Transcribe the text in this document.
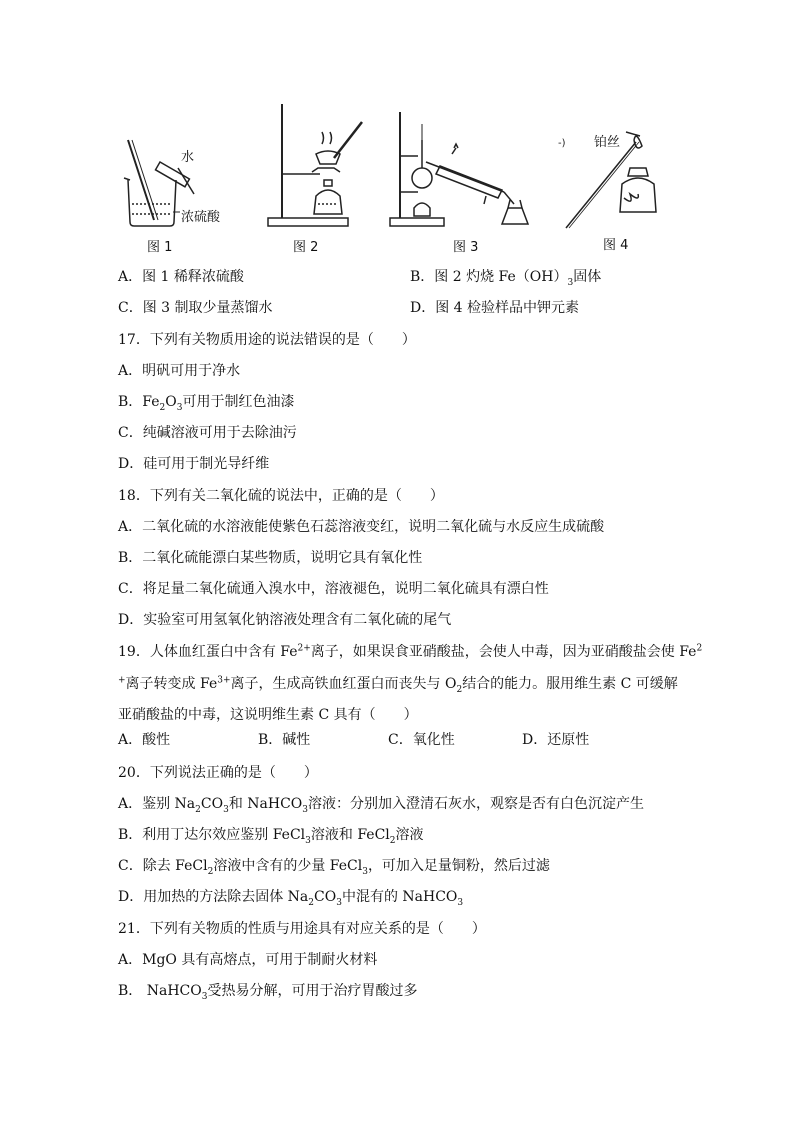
水
浓硫酸
图 1	图 2	图 3
-) 铂丝
图 4
A．图 1 稀释浓硫酸	B．图 2 灼烧 $Fe(OH)_3$固体
C．图 3 制取少量蒸馏水	D．图 4 检验样品中钾元素
17．下列有关物质用途的说法错误的是（　　）
A．明矾可用于净水
B．$Fe_2O_3$可用于制红色油漆
C．纯碱溶液可用于去除油污
D．硅可用于制光导纤维
18．下列有关二氧化硫的说法中，正确的是（　　）
A．二氧化硫的水溶液能使紫色石蕊溶液变红，说明二氧化硫与水反应生成硫酸
B．二氧化硫能漂白某些物质，说明它具有氧化性
C．将足量二氧化硫通入溴水中，溶液褪色，说明二氧化硫具有漂白性
D．实验室可用氢氧化钠溶液处理含有二氧化硫的尾气
19．人体血红蛋白中含有 $Fe^{2+}$离子，如果误食亚硝酸盐，会使人中毒，因为亚硝酸盐会使 Fe$^2$
+离子转变成 $Fe^{3+}$离子，生成高铁血红蛋白而丧失与 $O_2$结合的能力。服用维生素 C 可缓解
亚硝酸盐的中毒，这说明维生素 C 具有（　　）
A．酸性	B．碱性	C．氧化性	D．还原性
20．下列说法正确的是（　　）
A．鉴别 $Na_2CO_3$和 NaHCO$_3$溶液：分别加入澄清石灰水，观察是否有白色沉淀产生
B．利用丁达尔效应鉴别 FeCl$_3$溶液和 FeCl$_2$溶液
C．除去 FeCl$_2$溶液中含有的少量 FeCl$_3$，可加入足量铜粉，然后过滤
D．用加热的方法除去固体 $Na_2CO_3$中混有的 NaHCO$_3$
21．下列有关物质的性质与用途具有对应关系的是（　　）
A．MgO 具有高熔点，可用于制耐火材料
B． NaHCO$_3$受热易分解，可用于治疗胃酸过多
